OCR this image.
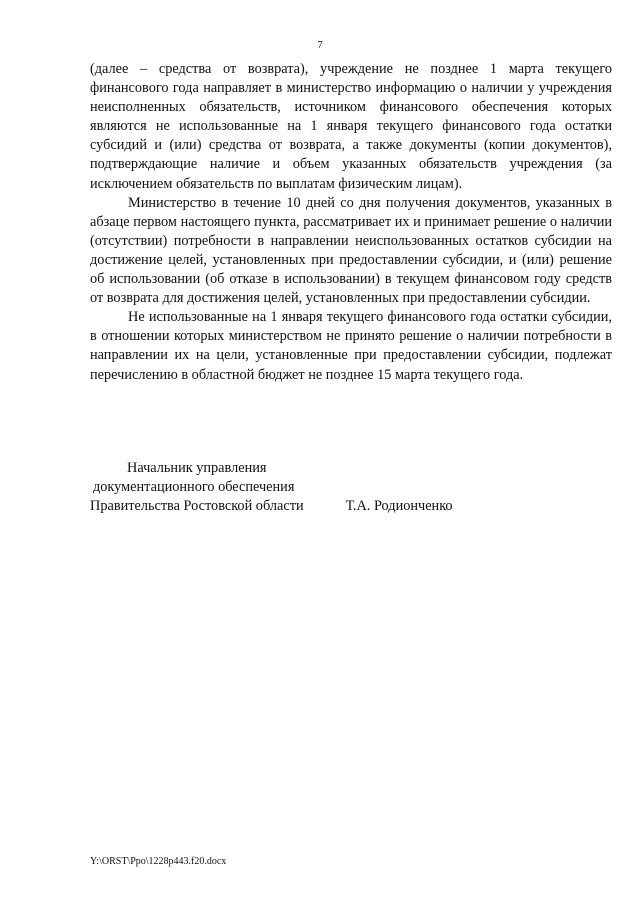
7

(далее – средства от возврата), учреждение не позднее 1 марта текущего финансового года направляет в министерство информацию о наличии у учреждения неисполненных обязательств, источником финансового обеспечения которых являются не использованные на 1 января текущего финансового года остатки субсидий и (или) средства от возврата, а также документы (копии документов), подтверждающие наличие и объем указанных обязательств учреждения (за исключением обязательств по выплатам физическим лицам).

Министерство в течение 10 дней со дня получения документов, указанных в абзаце первом настоящего пункта, рассматривает их и принимает решение о наличии (отсутствии) потребности в направлении неиспользованных остатков субсидии на достижение целей, установленных при предоставлении субсидии, и (или) решение об использовании (об отказе в использовании) в текущем финансовом году средств от возврата для достижения целей, установленных при предоставлении субсидии.

Не использованные на 1 января текущего финансового года остатки субсидии, в отношении которых министерством не принято решение о наличии потребности в направлении их на цели, установленные при предоставлении субсидии, подлежат перечислению в областной бюджет не позднее 15 марта текущего года.

Начальник управления
документационного обеспечения
Правительства Ростовской области	Т.А. Родионченко
Y:\ORST\Ppo\1228p443.f20.docx
